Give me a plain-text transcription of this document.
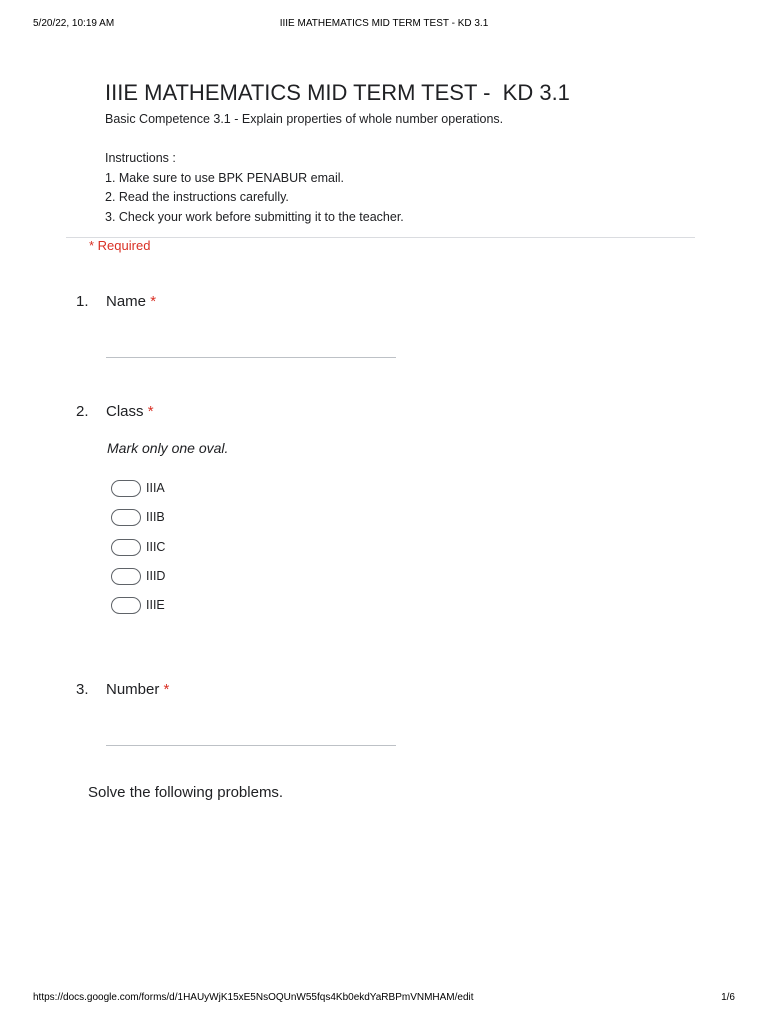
5/20/22, 10:19 AM	IIIE MATHEMATICS MID TERM TEST - KD 3.1
IIIE MATHEMATICS MID TERM TEST -  KD 3.1
Basic Competence 3.1 - Explain properties of whole number operations.
Instructions :
1. Make sure to use BPK PENABUR email.
2. Read the instructions carefully.
3. Check your work before submitting it to the teacher.
* Required
1. Name *
2. Class *
Mark only one oval.
IIIA
IIIB
IIIC
IIID
IIIE
3. Number *
Solve the following problems.
https://docs.google.com/forms/d/1HAUyWjK15xE5NsOQUnW55fqs4Kb0ekdYaRBPmVNMHAM/edit	1/6
